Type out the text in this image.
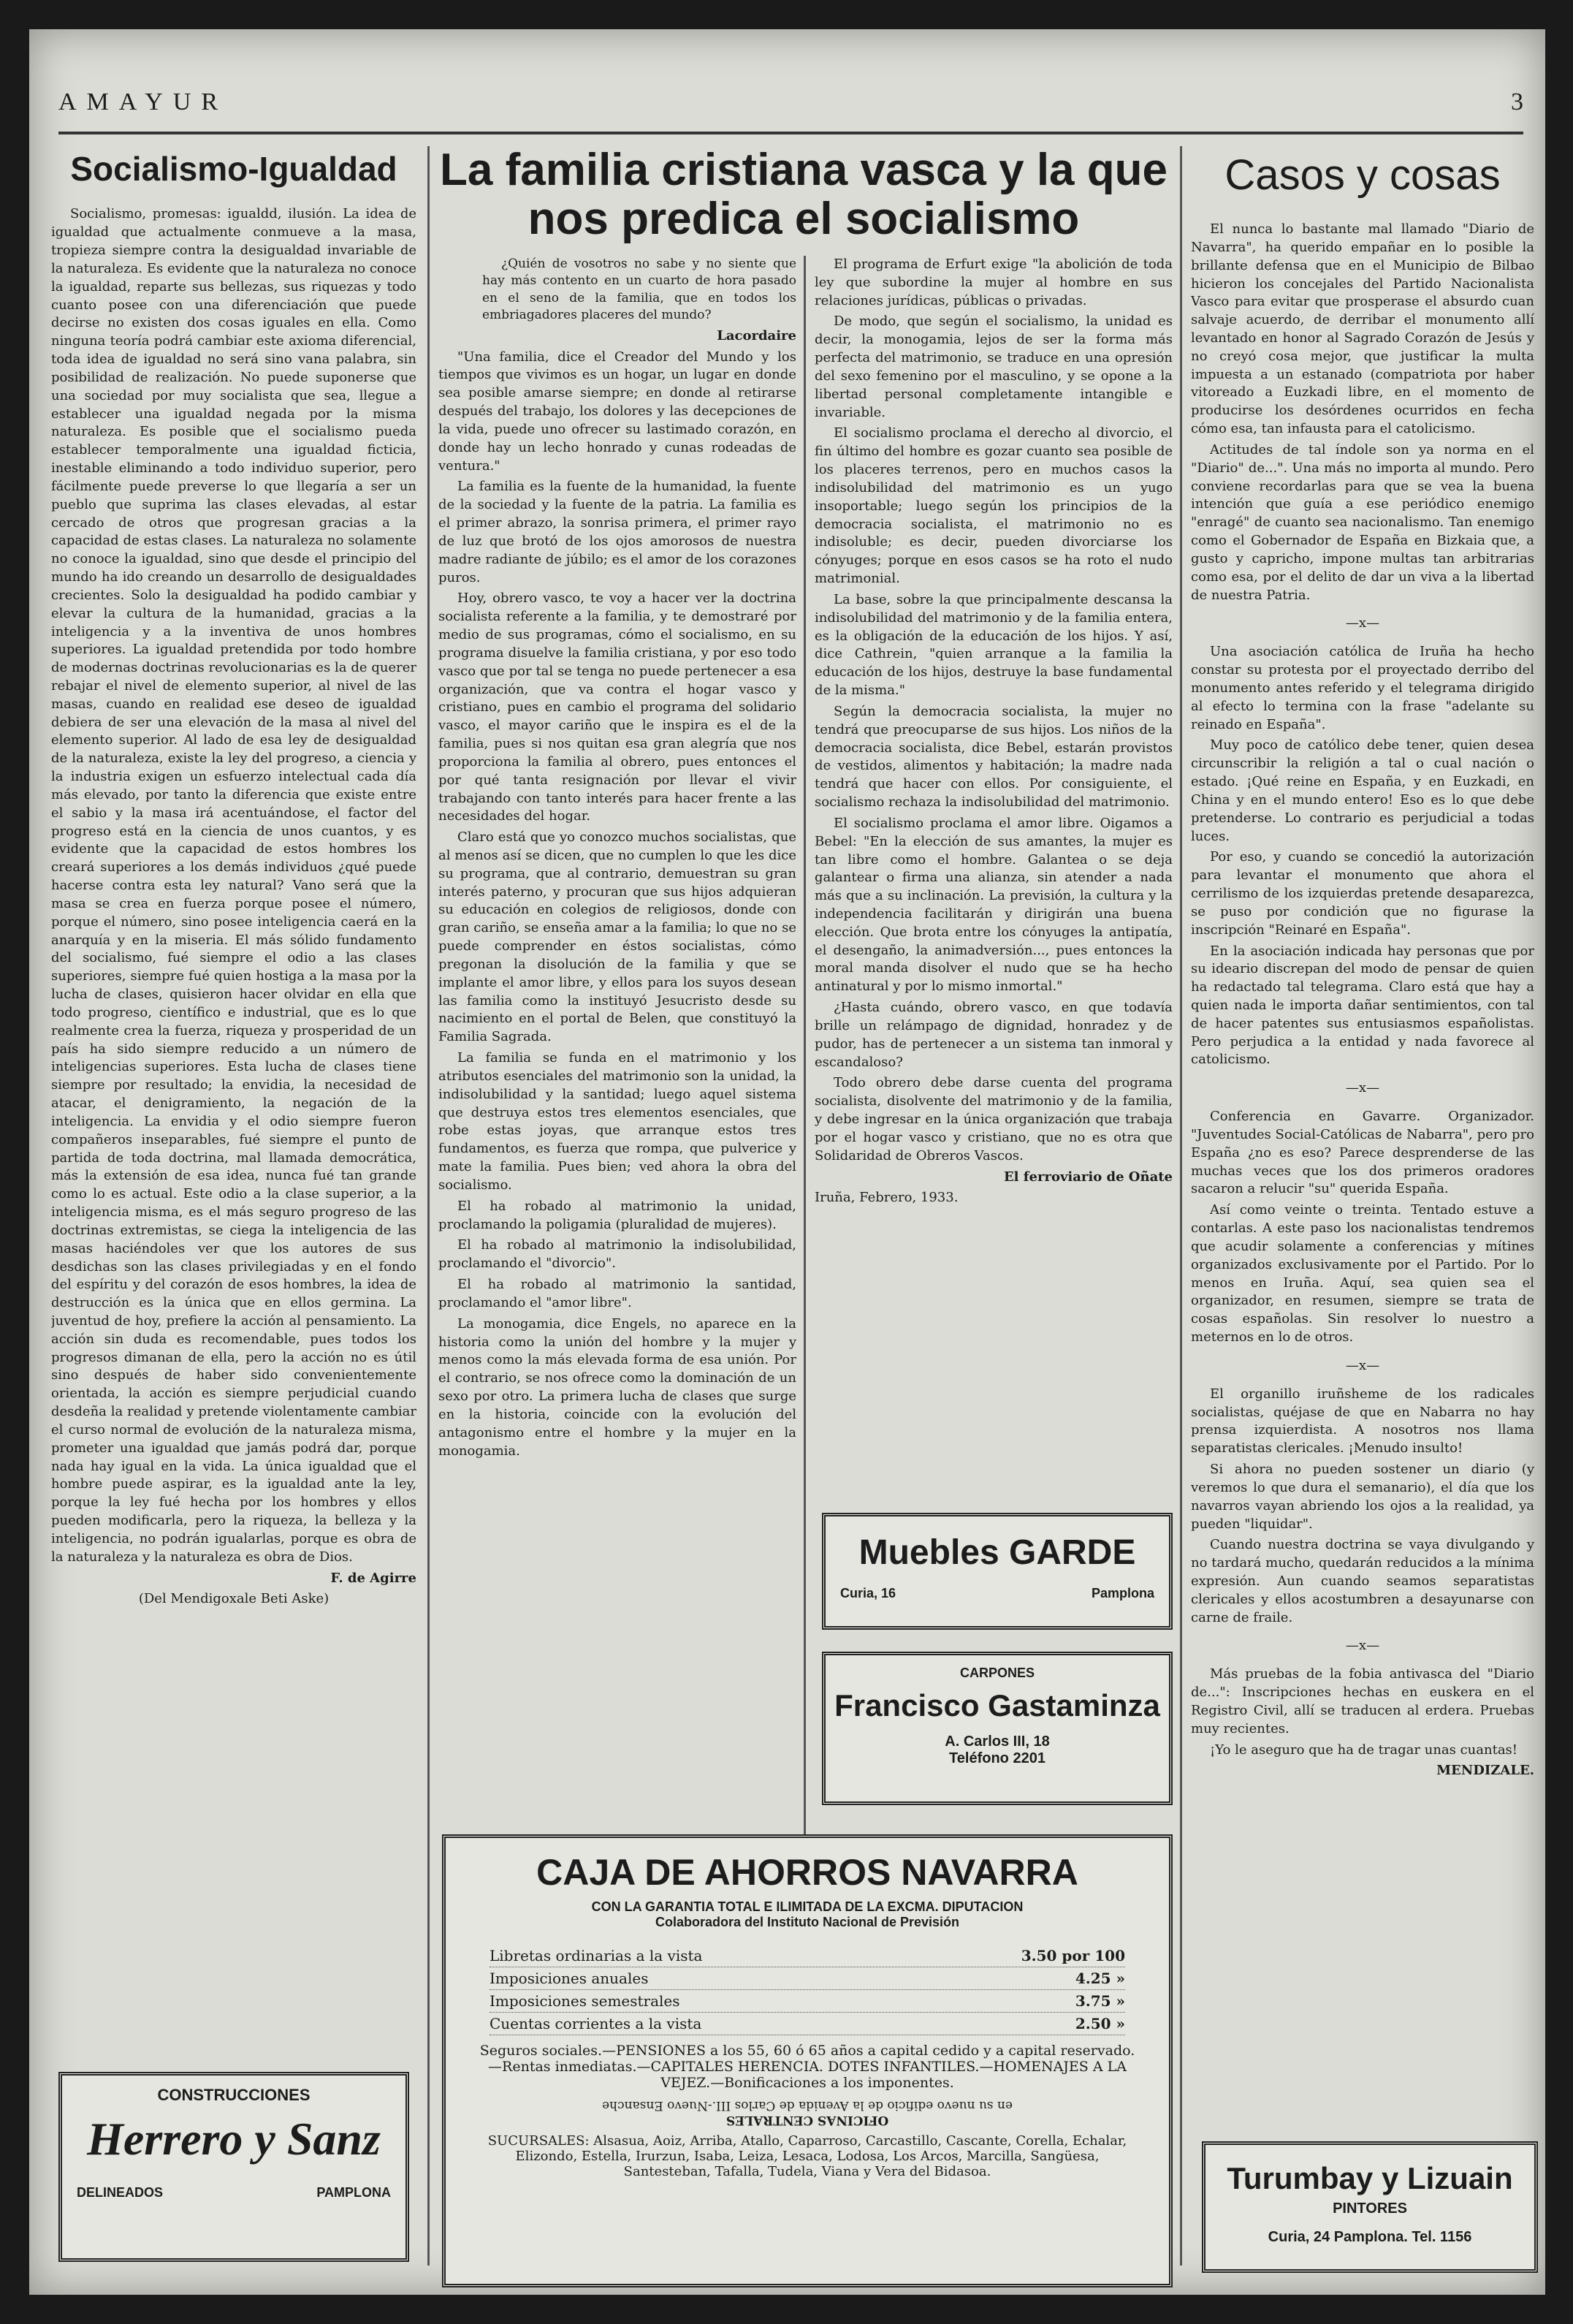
AMAYUR	3
Socialismo-Igualdad

Socialismo, promesas: igualdd, ilusión. La idea de igualdad que actualmente conmueve a la masa, tropieza siempre contra la desigualdad invariable de la naturaleza. Es evidente que la naturaleza no conoce la igualdad, reparte sus bellezas, sus riquezas y todo cuanto posee con una diferenciación que puede decirse no existen dos cosas iguales en ella. Como ninguna teoría podrá cambiar este axioma diferencial, toda idea de igualdad no será sino vana palabra, sin posibilidad de realización. No puede suponerse que una sociedad por muy socialista que sea, llegue a establecer una igualdad negada por la misma naturaleza. Es posible que el socialismo pueda establecer temporalmente una igualdad ficticia, inestable eliminando a todo individuo superior, pero fácilmente puede preverse lo que llegaría a ser un pueblo que suprima las clases elevadas, al estar cercado de otros que progresan gracias a la capacidad de estas clases. La naturaleza no solamente no conoce la igualdad, sino que desde el principio del mundo ha ido creando un desarrollo de desigualdades crecientes. Solo la desigualdad ha podido cambiar y elevar la cultura de la humanidad, gracias a la inteligencia y a la inventiva de unos hombres superiores. La igualdad pretendida por todo hombre de modernas doctrinas revolucionarias es la de querer rebajar el nivel de elemento superior, al nivel de las masas, cuando en realidad ese deseo de igualdad debiera de ser una elevación de la masa al nivel del elemento superior. Al lado de esa ley de desigualdad de la naturaleza, existe la ley del progreso, a ciencia y la industria exigen un esfuerzo intelectual cada día más elevado, por tanto la diferencia que existe entre el sabio y la masa irá acentuándose, el factor del progreso está en la ciencia de unos cuantos, y es evidente que la capacidad de estos hombres los creará superiores a los demás individuos ¿qué puede hacerse contra esta ley natural? Vano será que la masa se crea en fuerza porque posee el número, porque el número, sino posee inteligencia caerá en la anarquía y en la miseria. El más sólido fundamento del socialismo, fué siempre el odio a las clases superiores, siempre fué quien hostiga a la masa por la lucha de clases, quisieron hacer olvidar en ella que todo progreso, científico e industrial, que es lo que realmente crea la fuerza, riqueza y prosperidad de un país ha sido siempre reducido a un número de inteligencias superiores. Esta lucha de clases tiene siempre por resultado; la envidia, la necesidad de atacar, el denigramiento, la negación de la inteligencia. La envidia y el odio siempre fueron compañeros inseparables, fué siempre el punto de partida de toda doctrina, mal llamada democrática, más la extensión de esa idea, nunca fué tan grande como lo es actual. Este odio a la clase superior, a la inteligencia misma, es el más seguro progreso de las doctrinas extremistas, se ciega la inteligencia de las masas haciéndoles ver que los autores de sus desdichas son las clases privilegiadas y en el fondo del espíritu y del corazón de esos hombres, la idea de destrucción es la única que en ellos germina. La juventud de hoy, prefiere la acción al pensamiento. La acción sin duda es recomendable, pues todos los progresos dimanan de ella, pero la acción no es útil sino después de haber sido convenientemente orientada, la acción es siempre perjudicial cuando desdeña la realidad y pretende violentamente cambiar el curso normal de evolución de la naturaleza misma, prometer una igualdad que jamás podrá dar, porque nada hay igual en la vida. La única igualdad que el hombre puede aspirar, es la igualdad ante la ley, porque la ley fué hecha por los hombres y ellos pueden modificarla, pero la riqueza, la belleza y la inteligencia, no podrán igualarlas, porque es obra de la naturaleza y la naturaleza es obra de Dios.

F. de Agirre

(Del Mendigoxale Beti Aske)

CONSTRUCCIONES
Herrero y Sanz
DELINEADOS	PAMPLONA
La familia cristiana vasca y la que nos predica el socialismo

¿Quién de vosotros no sabe y no siente que hay más contento en un cuarto de hora pasado en el seno de la familia, que en todos los embriagadores placeres del mundo?

Lacordaire

"Una familia, dice el Creador del Mundo y los tiempos que vivimos es un hogar, un lugar en donde sea posible amarse siempre; en donde al retirarse después del trabajo, los dolores y las decepciones de la vida, puede uno ofrecer su lastimado corazón, en donde hay un lecho honrado y cunas rodeadas de ventura."

La familia es la fuente de la humanidad, la fuente de la sociedad y la fuente de la patria. La familia es el primer abrazo, la sonrisa primera, el primer rayo de luz que brotó de los ojos amorosos de nuestra madre radiante de júbilo; es el amor de los corazones puros.

Hoy, obrero vasco, te voy a hacer ver la doctrina socialista referente a la familia, y te demostraré por medio de sus programas, cómo el socialismo, en su programa disuelve la familia cristiana, y por eso todo vasco que por tal se tenga no puede pertenecer a esa organización, que va contra el hogar vasco y cristiano, pues en cambio el programa del solidario vasco, el mayor cariño que le inspira es el de la familia, pues si nos quitan esa gran alegría que nos proporciona la familia al obrero, pues entonces el por qué tanta resignación por llevar el vivir trabajando con tanto interés para hacer frente a las necesidades del hogar.

Claro está que yo conozco muchos socialistas, que al menos así se dicen, que no cumplen lo que les dice su programa, que al contrario, demuestran su gran interés paterno, y procuran que sus hijos adquieran su educación en colegios de religiosos, donde con gran cariño, se enseña amar a la familia; lo que no se puede comprender en éstos socialistas, cómo pregonan la disolución de la familia y que se implante el amor libre, y ellos para los suyos desean las familia como la instituyó Jesucristo desde su nacimiento en el portal de Belen, que constituyó la Familia Sagrada.

La familia se funda en el matrimonio y los atributos esenciales del matrimonio son la unidad, la indisolubilidad y la santidad; luego aquel sistema que destruya estos tres elementos esenciales, que robe estas joyas, que arranque estos tres fundamentos, es fuerza que rompa, que pulverice y mate la familia. Pues bien; ved ahora la obra del socialismo.

El ha robado al matrimonio la unidad, proclamando la poligamia (pluralidad de mujeres).

El ha robado al matrimonio la indisolubilidad, proclamando el "divorcio".

El ha robado al matrimonio la santidad, proclamando el "amor libre".

La monogamia, dice Engels, no aparece en la historia como la unión del hombre y la mujer y menos como la más elevada forma de esa unión. Por el contrario, se nos ofrece como la dominación de un sexo por otro. La primera lucha de clases que surge en la historia, coincide con la evolución del antagonismo entre el hombre y la mujer en la monogamia.

El programa de Erfurt exige "la abolición de toda ley que subordine la mujer al hombre en sus relaciones jurídicas, públicas o privadas.

De modo, que según el socialismo, la unidad es decir, la monogamia, lejos de ser la forma más perfecta del matrimonio, se traduce en una opresión del sexo femenino por el masculino, y se opone a la libertad personal completamente intangible e invariable.

El socialismo proclama el derecho al divorcio, el fin último del hombre es gozar cuanto sea posible de los placeres terrenos, pero en muchos casos la indisolubilidad del matrimonio es un yugo insoportable; luego según los principios de la democracia socialista, el matrimonio no es indisoluble; es decir, pueden divorciarse los cónyuges; porque en esos casos se ha roto el nudo matrimonial.

La base, sobre la que principalmente descansa la indisolubilidad del matrimonio y de la familia entera, es la obligación de la educación de los hijos. Y así, dice Cathrein, "quien arranque a la familia la educación de los hijos, destruye la base fundamental de la misma."

Según la democracia socialista, la mujer no tendrá que preocuparse de sus hijos. Los niños de la democracia socialista, dice Bebel, estarán provistos de vestidos, alimentos y habitación; la madre nada tendrá que hacer con ellos. Por consiguiente, el socialismo rechaza la indisolubilidad del matrimonio.

El socialismo proclama el amor libre. Oigamos a Bebel: "En la elección de sus amantes, la mujer es tan libre como el hombre. Galantea o se deja galantear o firma una alianza, sin atender a nada más que a su inclinación. La previsión, la cultura y la independencia facilitarán y dirigirán una buena elección. Que brota entre los cónyuges la antipatía, el desengaño, la animadversión..., pues entonces la moral manda disolver el nudo que se ha hecho antinatural y por lo mismo inmortal."

¿Hasta cuándo, obrero vasco, en que todavía brille un relámpago de dignidad, honradez y de pudor, has de pertenecer a un sistema tan inmoral y escandaloso?

Todo obrero debe darse cuenta del programa socialista, disolvente del matrimonio y de la familia, y debe ingresar en la única organización que trabaja por el hogar vasco y cristiano, que no es otra que Solidaridad de Obreros Vascos.

El ferroviario de Oñate

Iruña, Febrero, 1933.

Muebles GARDE
Curia, 16	Pamplona
CARPONES
Francisco Gastaminza
A. Carlos III, 18
Teléfono 2201
CAJA DE AHORROS NAVARRA
CON LA GARANTIA TOTAL E ILIMITADA DE LA EXCMA. DIPUTACION
Colaboradora del Instituto Nacional de Previsión
Libretas ordinarias a la vista	3.50 por 100
Imposiciones anuales	4.25 »
Imposiciones semestrales	3.75 »
Cuentas corrientes a la vista	2.50 »
Seguros sociales.—PENSIONES a los 55, 60 ó 65 años a capital cedido y a capital reservado.—Rentas inmediatas.—CAPITALES HERENCIA. DOTES INFANTILES.—HOMENAJES A LA VEJEZ.—Bonificaciones a los imponentes.
en su nuevo edificio de la Avenida de Carlos III.-Nuevo Ensanche
OFICINAS CENTRALES
SUCURSALES: Alsasua, Aoiz, Arriba, Atallo, Caparroso, Carcastillo, Cascante, Corella, Echalar, Elizondo, Estella, Irurzun, Isaba, Leiza, Lesaca, Lodosa, Los Arcos, Marcilla, Sangüesa, Santesteban, Tafalla, Tudela, Viana y Vera del Bidasoa.
Casos y cosas

El nunca lo bastante mal llamado "Diario de Navarra", ha querido empañar en lo posible la brillante defensa que en el Municipio de Bilbao hicieron los concejales del Partido Nacionalista Vasco para evitar que prosperase el absurdo cuan salvaje acuerdo, de derribar el monumento allí levantado en honor al Sagrado Corazón de Jesús y no creyó cosa mejor, que justificar la multa impuesta a un estanado (compatriota por haber vitoreado a Euzkadi libre, en el momento de producirse los desórdenes ocurridos en fecha cómo esa, tan infausta para el catolicismo.

Actitudes de tal índole son ya norma en el "Diario" de...". Una más no importa al mundo. Pero conviene recordarlas para que se vea la buena intención que guía a ese periódico enemigo "enragé" de cuanto sea nacionalismo. Tan enemigo como el Gobernador de España en Bizkaia que, a gusto y capricho, impone multas tan arbitrarias como esa, por el delito de dar un viva a la libertad de nuestra Patria.

—x—

Una asociación católica de Iruña ha hecho constar su protesta por el proyectado derribo del monumento antes referido y el telegrama dirigido al efecto lo termina con la frase "adelante su reinado en España".

Muy poco de católico debe tener, quien desea circunscribir la religión a tal o cual nación o estado. ¡Qué reine en España, y en Euzkadi, en China y en el mundo entero! Eso es lo que debe pretenderse. Lo contrario es perjudicial a todas luces.

Por eso, y cuando se concedió la autorización para levantar el monumento que ahora el cerrilismo de los izquierdas pretende desaparezca, se puso por condición que no figurase la inscripción "Reinaré en España".

En la asociación indicada hay personas que por su ideario discrepan del modo de pensar de quien ha redactado tal telegrama. Claro está que hay a quien nada le importa dañar sentimientos, con tal de hacer patentes sus entusiasmos españolistas. Pero perjudica a la entidad y nada favorece al catolicismo.

—x—

Conferencia en Gavarre. Organizador. "Juventudes Social-Católicas de Nabarra", pero pro España ¿no es eso? Parece desprenderse de las muchas veces que los dos primeros oradores sacaron a relucir "su" querida España.

Así como veinte o treinta. Tentado estuve a contarlas. A este paso los nacionalistas tendremos que acudir solamente a conferencias y mítines organizados exclusivamente por el Partido. Por lo menos en Iruña. Aquí, sea quien sea el organizador, en resumen, siempre se trata de cosas españolas. Sin resolver lo nuestro a meternos en lo de otros.

—x—

El organillo iruñsheme de los radicales socialistas, quéjase de que en Nabarra no hay prensa izquierdista. A nosotros nos llama separatistas clericales. ¡Menudo insulto!

Si ahora no pueden sostener un diario (y veremos lo que dura el semanario), el día que los navarros vayan abriendo los ojos a la realidad, ya pueden "liquidar".

Cuando nuestra doctrina se vaya divulgando y no tardará mucho, quedarán reducidos a la mínima expresión. Aun cuando seamos separatistas clericales y ellos acostumbren a desayunarse con carne de fraile.

—x—

Más pruebas de la fobia antivasca del "Diario de...": Inscripciones hechas en euskera en el Registro Civil, allí se traducen al erdera. Pruebas muy recientes.

¡Yo le aseguro que ha de tragar unas cuantas!

MENDIZALE.

Turumbay y Lizuain
PINTORES
Curia, 24 Pamplona. Tel. 1156
